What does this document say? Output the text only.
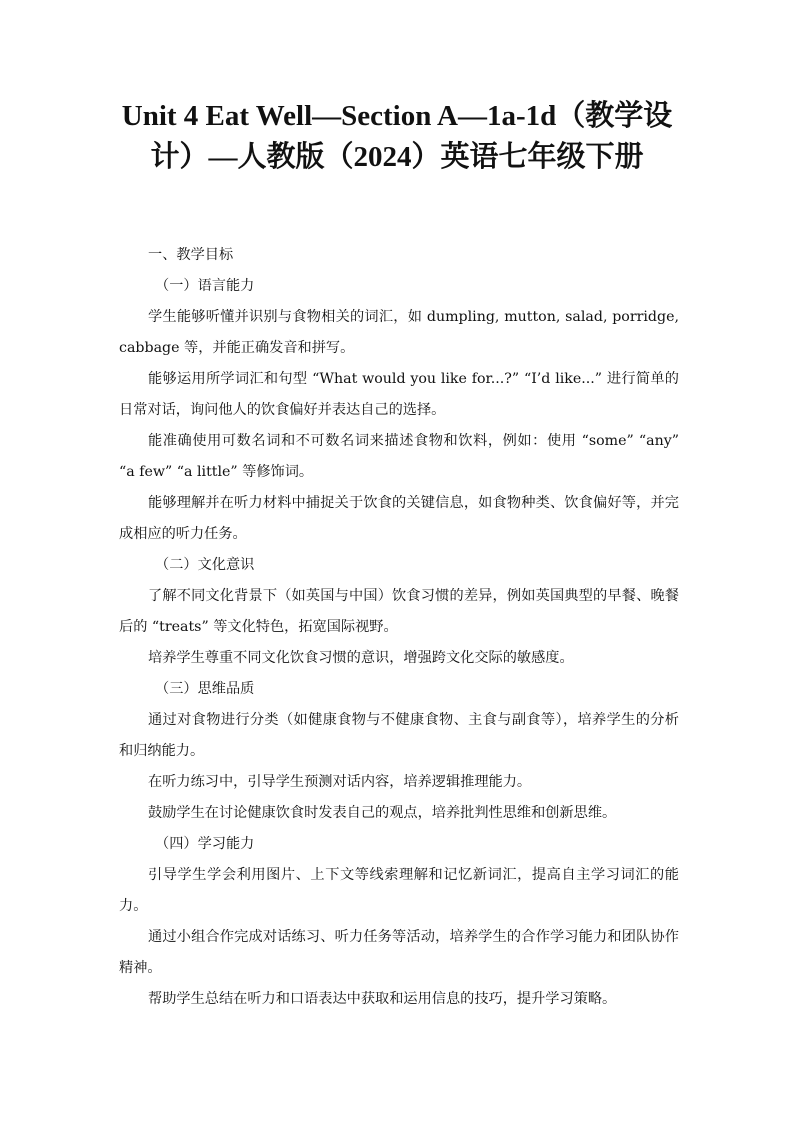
Unit 4 Eat Well—Section A—1a-1d（教学设计）—人教版（2024）英语七年级下册

一、教学目标

（一）语言能力

学生能够听懂并识别与食物相关的词汇，如 dumpling, mutton, salad, porridge, cabbage 等，并能正确发音和拼写。

能够运用所学词汇和句型 “What would you like for...?” “I’d like...” 进行简单的日常对话，询问他人的饮食偏好并表达自己的选择。

能准确使用可数名词和不可数名词来描述食物和饮料，例如：使用 “some” “any” “a few” “a little” 等修饰词。

能够理解并在听力材料中捕捉关于饮食的关键信息，如食物种类、饮食偏好等，并完成相应的听力任务。

（二）文化意识

了解不同文化背景下（如英国与中国）饮食习惯的差异，例如英国典型的早餐、晚餐后的 “treats” 等文化特色，拓宽国际视野。

培养学生尊重不同文化饮食习惯的意识，增强跨文化交际的敏感度。

（三）思维品质

通过对食物进行分类（如健康食物与不健康食物、主食与副食等），培养学生的分析和归纳能力。

在听力练习中，引导学生预测对话内容，培养逻辑推理能力。

鼓励学生在讨论健康饮食时发表自己的观点，培养批判性思维和创新思维。

（四）学习能力

引导学生学会利用图片、上下文等线索理解和记忆新词汇，提高自主学习词汇的能力。

通过小组合作完成对话练习、听力任务等活动，培养学生的合作学习能力和团队协作精神。

帮助学生总结在听力和口语表达中获取和运用信息的技巧，提升学习策略。
